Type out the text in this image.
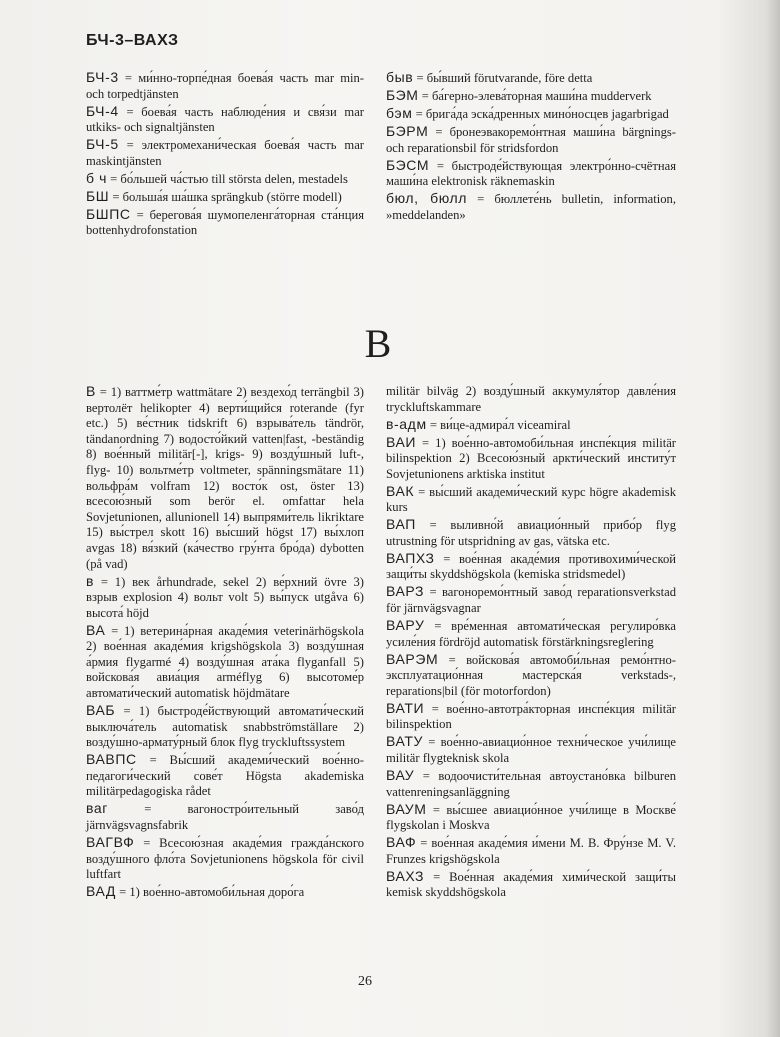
БЧ-3–ВАХЗ

БЧ-3 = ми́нно-торпе́дная боева́я часть mar min- och torpedtjänsten

БЧ-4 = боева́я часть наблюде́ния и свя́зи mar utkiks- och signaltjänsten

БЧ-5 = электромехани́ческая боева́я часть mar maskintjänsten

б ч = бо́льшей ча́стью till största delen, mestadels

БШ = больша́я ша́шка sprängkub (större modell)

БШПС = берегова́я шумопеленга́торная ста́нция bottenhydrofonstation

быв = бы́вший förutvarande, före detta

БЭМ = ба́герно-элева́торная маши́на mudderverk

бэм = брига́да эска́дренных мино́носцев jagarbrigad

БЭРМ = бронеэвакоремо́нтная маши́на bärgnings- och reparationsbil för stridsfordon

БЭСМ = быстроде́йствующая электро́нно-счётная маши́на elektronisk räknemaskin

бюл, бюлл = бюллете́нь bulletin, information, »meddelanden»

В

В = 1) ваттме́тр wattmätare 2) вездехо́д terrängbil 3) вертолёт helikopter 4) верти́щийся roterande (fyr etc.) 5) ве́стник tidskrift 6) взрыва́тель tändrör, tändanordning 7) водосто́йкий vatten|fast, -beständig 8) вое́нный militär[-], krigs- 9) возду́шный luft-, flyg- 10) вольтме́тр voltmeter, spänningsmätare 11) вольфра́м volfram 12) восто́к ost, öster 13) всесою́зный som berör el. omfattar hela Sovjetunionen, allunionell 14) выпрями́тель likriktare 15) вы́стрел skott 16) вы́сший högst 17) вы́хлоп avgas 18) вя́зкий (ка́чество гру́нта бро́да) dybotten (på vad)

в = 1) век århundrade, sekel 2) ве́рхний övre 3) взрыв explosion 4) вольт volt 5) вы́пуск utgåva 6) высота́ höjd

ВА = 1) ветерина́рная акаде́мия veterinärhögskola 2) вое́нная акаде́мия krigshögskola 3) возду́шная а́рмия flygarmé 4) возду́шная ата́ка flyganfall 5) войскова́я авиа́ция arméflyg 6) высотоме́р автомати́ческий automatisk höjdmätare

ВАБ = 1) быстроде́йствующий автомати́ческий выключа́тель automatisk snabbströmställare 2) возду́шно-армату́рный блок flyg tryckluftssystem

ВАВПС = Вы́сший академи́ческий вое́нно-педагоги́ческий сове́т Högsta akademiska militärpedagogiska rådet

ваг = вагоностро́ительный заво́д järnvägsvagnsfabrik

ВАГВФ = Всесою́зная акаде́мия гражда́нского возду́шного фло́та Sovjetunionens högskola för civil luftfart

ВАД = 1) вое́нно-автомоби́льная доро́га

militär bilväg 2) возду́шный аккумуля́тор давле́ния tryckluftskammare

в-адм = ви́це-адмира́л viceamiral

ВАИ = 1) вое́нно-автомоби́льная инспе́кция militär bilinspektion 2) Всесою́зный аркти́ческий институ́т Sovjetunionens arktiska institut

ВАК = вы́сший академи́ческий курс högre akademisk kurs

ВАП = выливно́й авиацио́нный прибо́р flyg utrustning för utspridning av gas, vätska etc.

ВАПХЗ = вое́нная акаде́мия противохими́ческой защи́ты skyddshögskola (kemiska stridsmedel)

ВАРЗ = вагоноремо́нтный заво́д reparationsverkstad för järnvägsvagnar

ВАРУ = вре́менная автомати́ческая регулиро́вка усиле́ния fördröjd automatisk förstärkningsreglering

ВАРЭМ = войскова́я автомоби́льная ремо́нтно-эксплуатацио́нная мастерска́я verkstads-, reparations|bil (för motorfordon)

ВАТИ = вое́нно-автотра́кторная инспе́кция militär bilinspektion

ВАТУ = вое́нно-авиацио́нное техни́ческое учи́лище militär flygteknisk skola

ВАУ = водоочисти́тельная автоустано́вка bilburen vattenreningsanläggning

ВАУМ = вы́сшее авиацио́нное учи́лище в Москве́ flygskolan i Moskva

ВАФ = вое́нная акаде́мия и́мени М. В. Фру́нзе M. V. Frunzes krigshögskola

ВАХЗ = Вое́нная акаде́мия хими́ческой защи́ты kemisk skyddshögskola

26
